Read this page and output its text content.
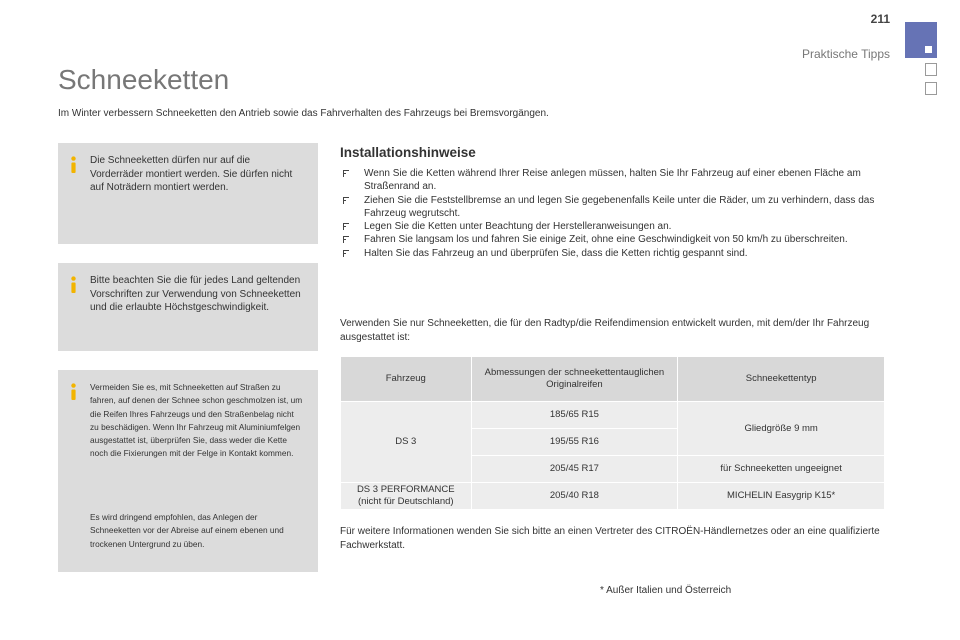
211
Praktische Tipps
Schneeketten
Im Winter verbessern Schneeketten den Antrieb sowie das Fahrverhalten des Fahrzeugs bei Bremsvorgängen.

Die Schneeketten dürfen nur auf die Vorderräder montiert werden. Sie dürfen nicht auf Noträdern montiert werden.

Bitte beachten Sie die für jedes Land geltenden Vorschriften zur Verwendung von Schneeketten und die erlaubte Höchstgeschwindigkeit.

Vermeiden Sie es, mit Schneeketten auf Straßen zu fahren, auf denen der Schnee schon geschmolzen ist, um die Reifen Ihres Fahrzeugs und den Straßenbelag nicht zu beschädigen. Wenn Ihr Fahrzeug mit Aluminiumfelgen ausgestattet ist, überprüfen Sie, dass weder die Kette noch die Fixierungen mit der Felge in Kontakt kommen.

Es wird dringend empfohlen, das Anlegen der Schneeketten vor der Abreise auf einem ebenen und trockenen Untergrund zu üben.

Installationshinweise
Wenn Sie die Ketten während Ihrer Reise anlegen müssen, halten Sie Ihr Fahrzeug auf einer ebenen Fläche am Straßenrand an.
Ziehen Sie die Feststellbremse an und legen Sie gegebenenfalls Keile unter die Räder, um zu verhindern, dass das Fahrzeug wegrutscht.
Legen Sie die Ketten unter Beachtung der Herstelleranweisungen an.
Fahren Sie langsam los und fahren Sie einige Zeit, ohne eine Geschwindigkeit von 50 km/h zu überschreiten.
Halten Sie das Fahrzeug an und überprüfen Sie, dass die Ketten richtig gespannt sind.

Verwenden Sie nur Schneeketten, die für den Radtyp/die Reifendimension entwickelt wurden, mit dem/der Ihr Fahrzeug ausgestattet ist:

Fahrzeug	Abmessungen der schneekettentauglichen Originalreifen	Schneekettentyp
DS 3	185/65 R15	Gliedgröße 9 mm
	195/55 R16	
	205/45 R17	für Schneeketten ungeeignet
DS 3 PERFORMANCE (nicht für Deutschland)	205/40 R18	MICHELIN Easygrip K15*

Für weitere Informationen wenden Sie sich bitte an einen Vertreter des CITROËN-Händlernetzes oder an eine qualifizierte Fachwerkstatt.

* Außer Italien und Österreich
